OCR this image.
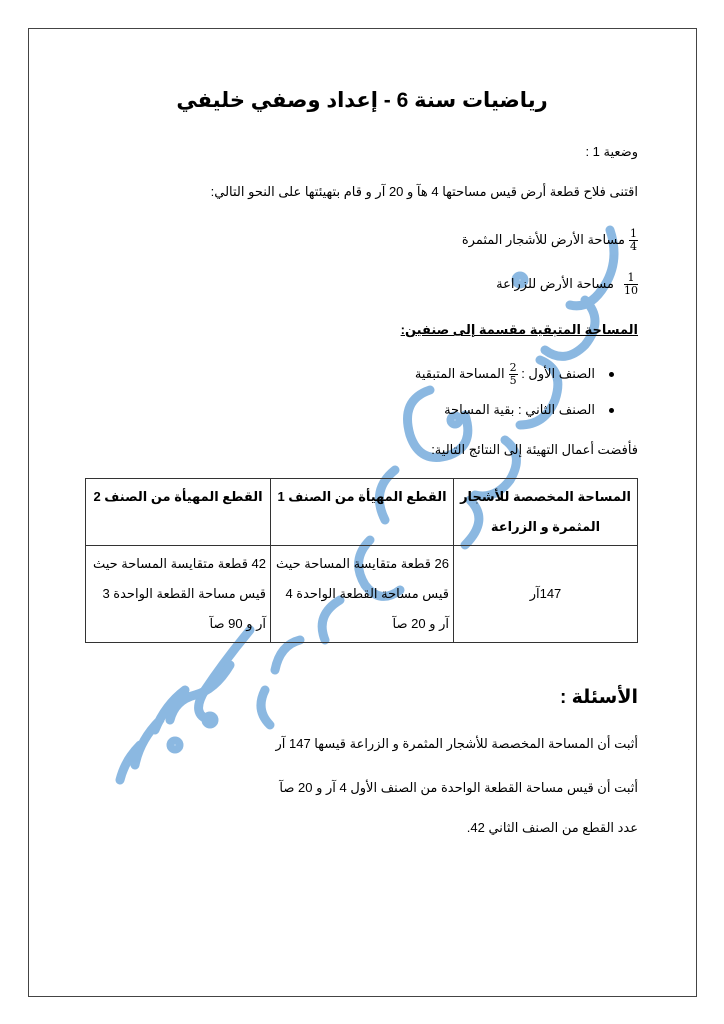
رياضيات سنة 6 - إعداد وصفي خليفي
وضعية 1 :
اقتنى فلاح قطعة أرض قيس مساحتها 4 هآ و 20 آر و قام بتهيئتها على النحو التالي:
$\frac{1}{4}$
مساحة الأرض للأشجار المثمرة
$\frac{1}{10}$
مساحة الأرض للزراعة
المساحة المتبقية مقسمة إلى صنفين:
الصنف الأول :
$\frac{2}{5}$
المساحة المتبقية
الصنف الثاني : بقية المساحة
فأفضت أعمال التهيئة إلى النتائج التالية:
المساحة المخصصة للأشجار المثمرة و الزراعة	القطع المهيأة من الصنف 1	القطع المهيأة من الصنف 2
147آر	26 قطعة متقايسة المساحة حيث قيس مساحة القطعة الواحدة 4 آر و 20 صآ	42 قطعة متقايسة المساحة حيث قيس مساحة القطعة الواحدة 3 آر و 90 صآ
الأسئلة :
أثبت أن المساحة المخصصة للأشجار المثمرة و الزراعة قيسها 147 آر
أثبت أن قيس مساحة القطعة الواحدة من الصنف الأول 4 آر و 20 صآ
عدد القطع من الصنف الثاني 42.
